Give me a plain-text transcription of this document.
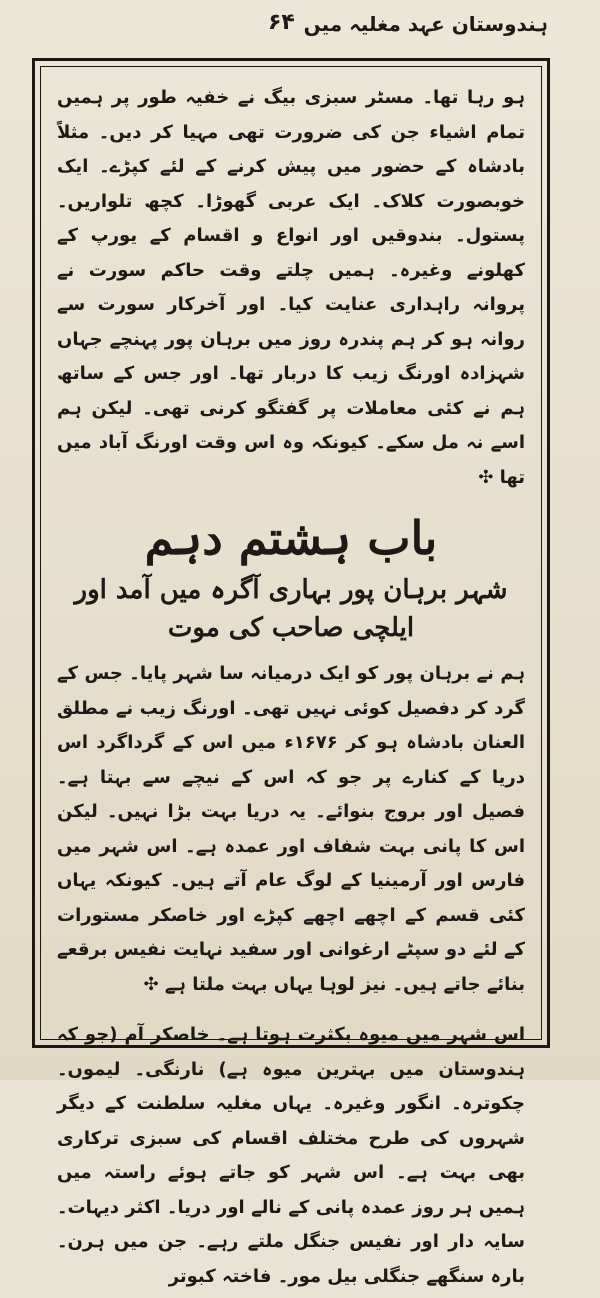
ہندوستان عہد مغلیہ میں
۶۴

ہو رہا تھا۔ مسٹر سبزی بیگ نے خفیہ طور پر ہمیں تمام اشیاء جن کی ضرورت تھی مہیا کر دیں۔ مثلاً بادشاہ کے حضور میں پیش کرنے کے لئے کپڑے۔ ایک خوبصورت کلاک۔ ایک عربی گھوڑا۔ کچھ تلواریں۔ پستول۔ بندوقیں اور انواع و اقسام کے یورپ کے کھلونے وغیرہ۔ ہمیں چلتے وقت حاکم سورت نے پروانہ راہداری عنایت کیا۔ اور آخرکار سورت سے روانہ ہو کر ہم پندرہ روز میں برہان پور پہنچے جہاں شہزادہ اورنگ زیب کا دربار تھا۔ اور جس کے ساتھ ہم نے کئی معاملات پر گفتگو کرنی تھی۔ لیکن ہم اسے نہ مل سکے۔ کیونکہ وہ اس وقت اورنگ آباد میں تھا ✣

باب ہشتم دہم
شہر برہان پور بہاری آگرہ میں آمد اور ایلچی صاحب کی موت

ہم نے برہان پور کو ایک درمیانہ سا شہر پایا۔ جس کے گرد کر دفصیل کوئی نہیں تھی۔ اورنگ زیب نے مطلق العنان بادشاہ ہو کر ۱۶۷۶ء میں اس کے گرداگرد اس دریا کے کنارے پر جو کہ اس کے نیچے سے بہتا ہے۔ فصیل اور بروج بنوائے۔ یہ دریا بہت بڑا نہیں۔ لیکن اس کا پانی بہت شفاف اور عمدہ ہے۔ اس شہر میں فارس اور آرمینیا کے لوگ عام آتے ہیں۔ کیونکہ یہاں کئی قسم کے اچھے اچھے کپڑے اور خاصکر مستورات کے لئے دو سپٹے ارغوانی اور سفید نہایت نفیس برقعے بنائے جاتے ہیں۔ نیز لوہا یہاں بہت ملتا ہے ✣

اس شہر میں میوہ بکثرت ہوتا ہے۔ خاصکر آم (جو کہ ہندوستان میں بہترین میوہ ہے) نارنگی۔ لیموں۔ چکوترہ۔ انگور وغیرہ۔ یہاں مغلیہ سلطنت کے دیگر شہروں کی طرح مختلف اقسام کی سبزی ترکاری بھی بہت ہے۔ اس شہر کو جاتے ہوئے راستہ میں ہمیں ہر روز عمدہ پانی کے نالے اور دریا۔ اکثر دیہات۔ سایہ دار اور نفیس جنگل ملتے رہے۔ جن میں ہرن۔ بارہ سنگھے جنگلی بیل مور۔ فاختہ کبوتر
